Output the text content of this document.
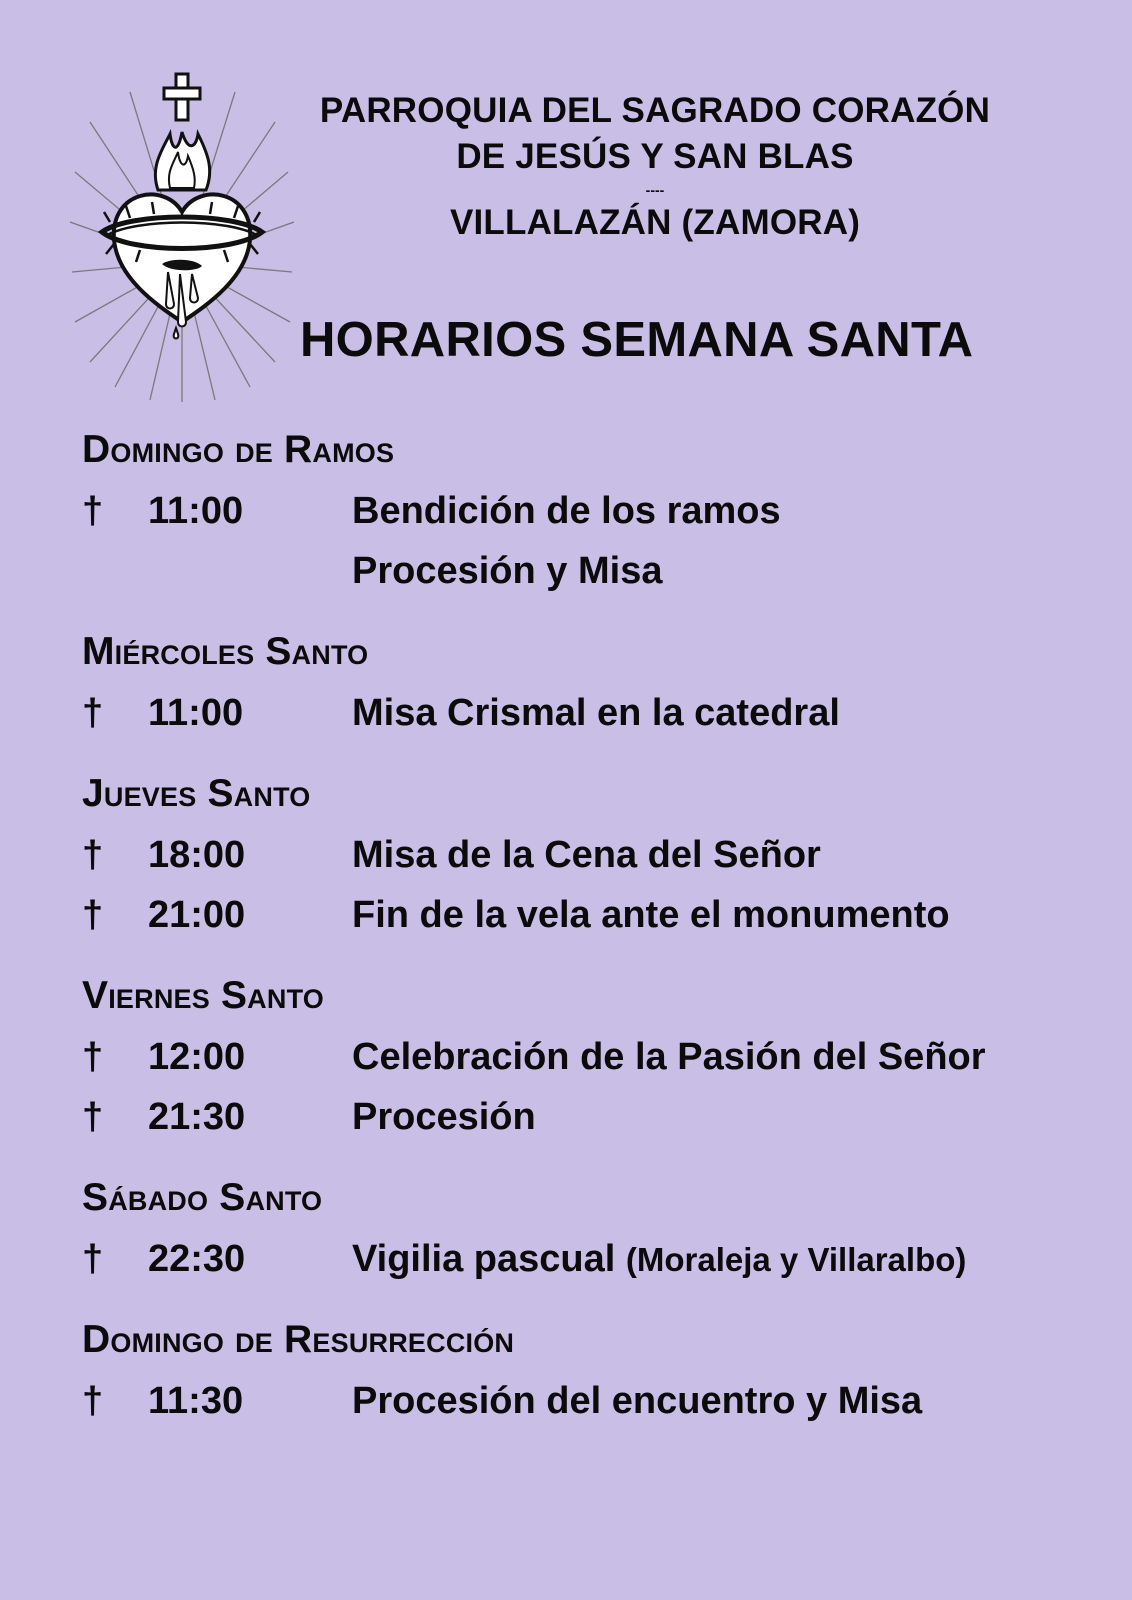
PARROQUIA DEL SAGRADO CORAZÓN
DE JESÚS Y SAN BLAS
----
VILLALAZÁN (ZAMORA)
HORARIOS SEMANA SANTA
Domingo de Ramos
† 11:00	Bendición de los ramos
Procesión y Misa
Miércoles Santo
† 11:00	Misa Crismal en la catedral
Jueves Santo
† 18:00	Misa de la Cena del Señor
† 21:00	Fin de la vela ante el monumento
Viernes Santo
† 12:00	Celebración de la Pasión del Señor
† 21:30	Procesión
Sábado Santo
† 22:30	Vigilia pascual (Moraleja y Villaralbo)
Domingo de Resurrección
† 11:30	Procesión del encuentro y Misa
